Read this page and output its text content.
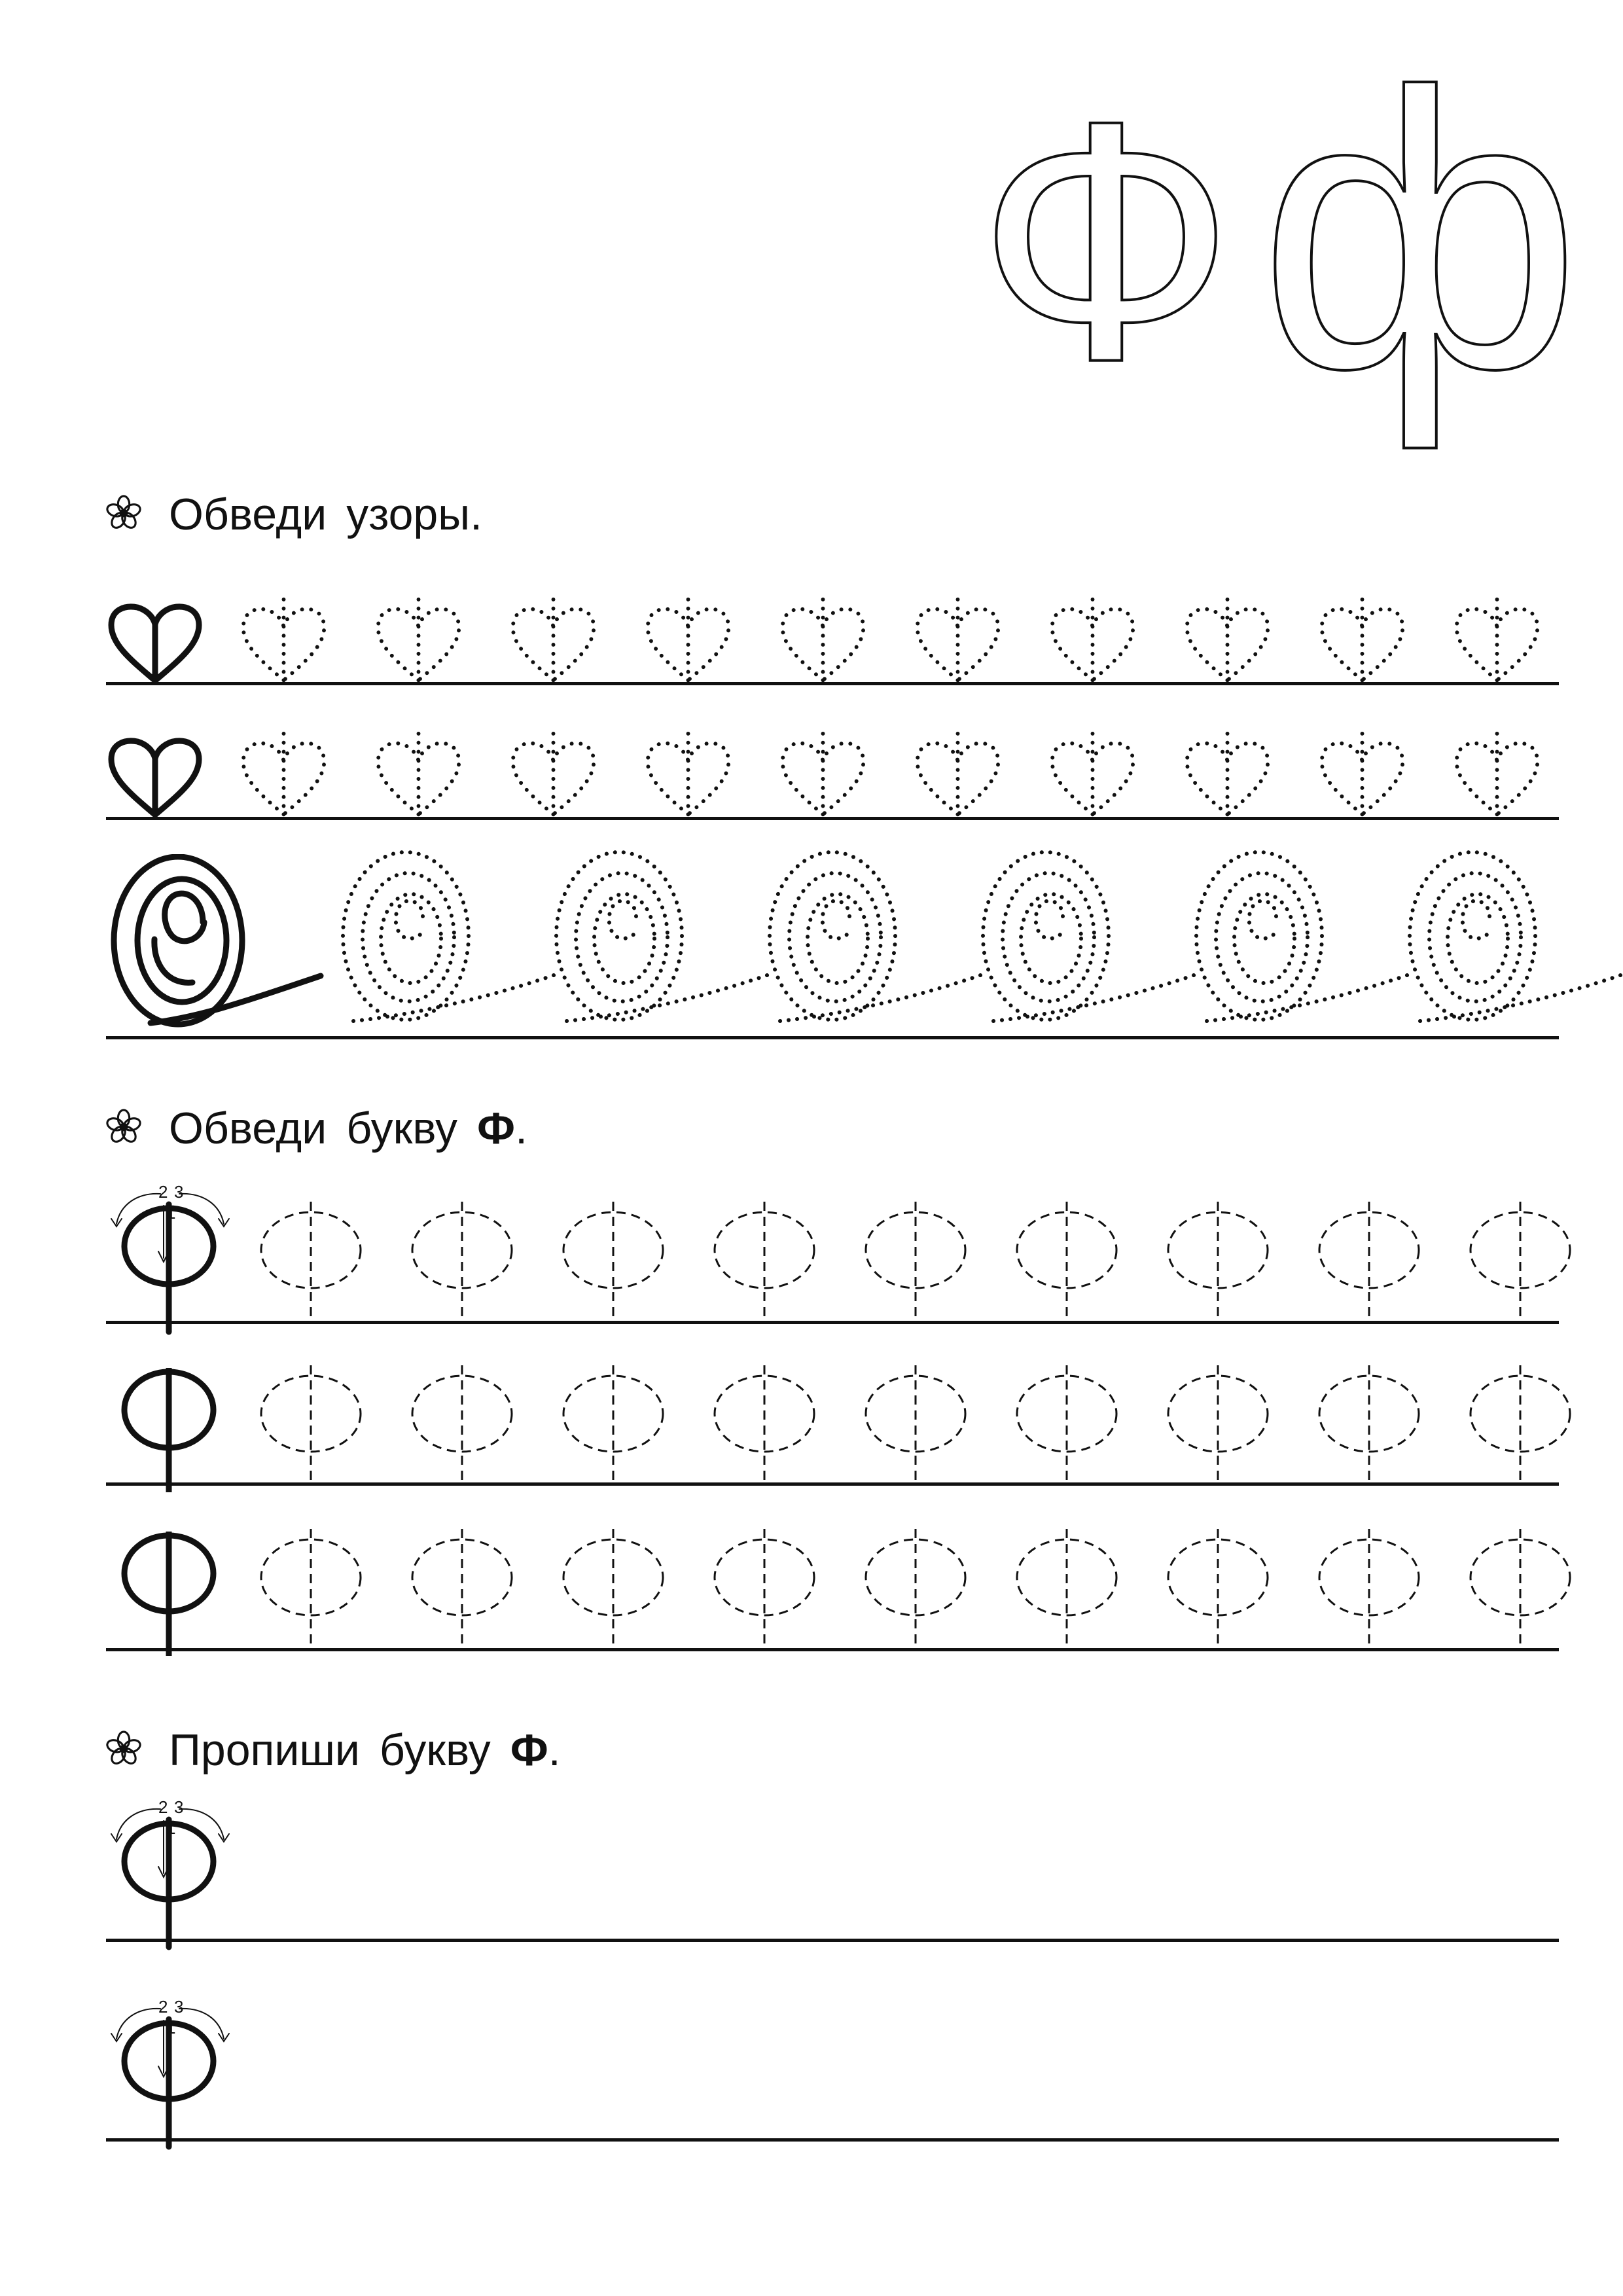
Ф ф
Обведи узоры.
Обведи букву Ф.
2 3
1
Пропиши букву Ф.
2 3
1
2 3
1
